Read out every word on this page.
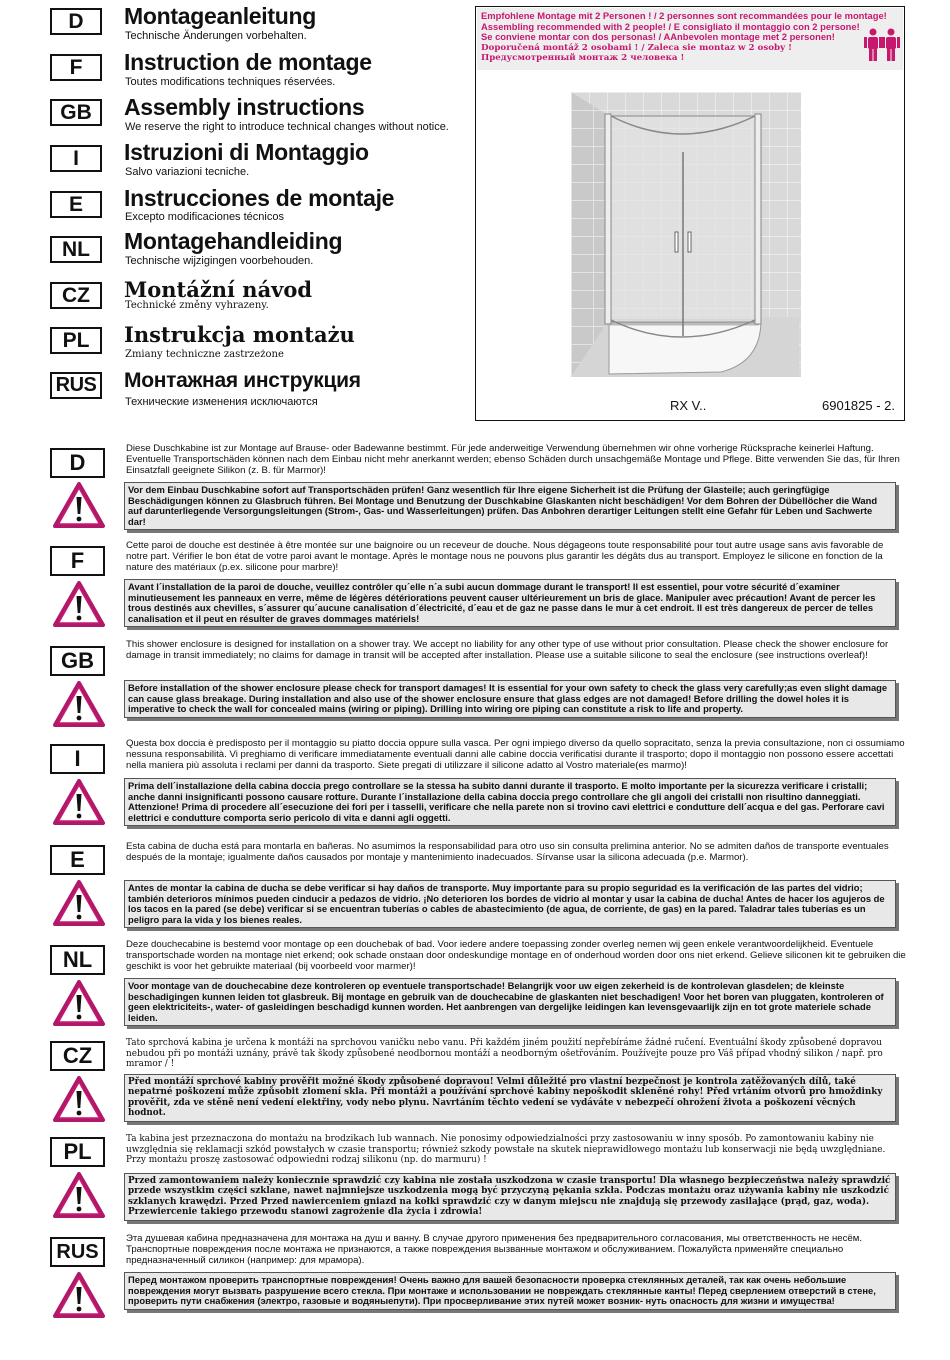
D	Montageanleitung
Technische Änderungen vorbehalten.
F	Instruction de montage
Toutes modifications techniques réservées.
GB	Assembly instructions
We reserve the right to introduce technical changes without notice.
I	Istruzioni di Montaggio
Salvo variazioni tecniche.
E	Instrucciones de montaje
Excepto modificaciones técnicos
NL	Montagehandleiding
Technische wijzigingen voorbehouden.
CZ	Montážní návod
Technické změny vyhrazeny.
PL	Instrukcja montażu
Zmiany techniczne zastrzeżone
RUS Монтажная инструкция
Технические изменения исключаются
Empfohlene Montage mit 2 Personen ! / 2 personnes sont recommandées pour le montage!
Assembling recommended with 2 people! / E consigliato il montaggio con 2 persone!
Se conviene montar con dos personas! / AAnbevolen montage met 2 personen!
Doporučená montáž 2 osobami ! / Zaleca sie montaz w 2 osoby !
Предусмотренный монтаж 2 человека !
RX V..	6901825 - 2.
D
Diese Duschkabine ist zur Montage auf Brause- oder Badewanne bestimmt. Für jede anderweitige Verwendung übernehmen wir ohne vorherige Rücksprache keinerlei Haftung. Eventuelle Transportschäden können nach dem Einbau nicht mehr anerkannt werden; ebenso Schäden durch unsachgemäße Montage und Pflege. Bitte verwenden Sie das, für Ihren Einsatzfall geeignete Silikon (z. B. für Marmor)!
Vor dem Einbau Duschkabine sofort auf Transportschäden prüfen! Ganz wesentlich für Ihre eigene Sicherheit ist die Prüfung der Glasteile; auch geringfügige Beschädigungen können zu Glasbruch führen. Bei Montage und Benutzung der Duschkabine Glaskanten nicht beschädigen! Vor dem Bohren der Dübellöcher die Wand auf darunterliegende Versorgungsleitungen (Strom-, Gas- und Wasserleitungen) prüfen. Das Anbohren derartiger Leitungen stellt eine Gefahr für Leben und Sachwerte dar!
F
Cette paroi de douche est destinée à être montée sur une baignoire ou un receveur de douche. Nous dégageons toute responsabilité pour tout autre usage sans avis favorable de notre part. Vérifier le bon état de votre paroi avant le montage. Après le montage nous ne pouvons plus garantir les dégâts dus au transport. Employez le silicone en fonction de la nature des matériaux (p.ex. silicone pour marbre)!
Avant l´installation de la paroi de douche, veuillez contrôler qu´elle n´a subi aucun dommage durant le transport! Il est essentiel, pour votre sécurité d´examiner minutieusement les panneaux en verre, même de légères détériorations peuvent causer ultérieurement un bris de glace. Manipuler avec précaution! Avant de percer les trous destinés aux chevilles, s´assurer qu´aucune canalisation d´électricité, d´eau et de gaz ne passe dans le mur à cet endroit. Il est très dangereux de percer de telles canalisation et il peut en résulter de graves dommages matériels!
GB
This shower enclosure is designed for installation on a shower tray. We accept no liability for any other type of use without prior consultation. Please check the shower enclosure for damage in transit immediately; no claims for damage in transit will be accepted after installation. Please use a suitable silicone to seal the enclosure (see instructions overleaf)!
Before installation of the shower enclosure please check for transport damages! It is essential for your own safety to check the glass very carefully;as even slight damage can cause glass breakage. During installation and also use of the shower enclosure ensure that glass edges are not damaged! Before drilling the dowel holes it is imperative to check the wall for concealed mains (wiring or piping). Drilling into wiring ore piping can constitute a risk to life and property.
I
Questa box doccia è predisposto per il montaggio su piatto doccia oppure sulla vasca. Per ogni impiego diverso da quello sopracitato, senza la previa consultazione, non ci ossumiamo nessuna responsabilità. Vi preghiamo di verificare immediatamente eventuali danni alle cabine doccia verificatisi durante il trasporto; dopo il montaggio non possono essere accettati nella maniera più assoluta i reclami per danni da trasporto. Siete pregati di utilizzare il silicone adatto al Vostro materiale(es marmo)!
Prima dell´installazione della cabina doccia prego controllare se la stessa ha subito danni durante il trasporto. E molto importante per la sicurezza verificare i cristalli; anche danni insignificanti possono causare rotture. Durante l´installazione della cabina doccia prego controllare che gli angoli dei cristalli non risultino danneggiati. Attenzione! Prima di procedere all´esecuzione dei fori per i tasselli, verificare che nella parete non si trovino cavi elettrici e condutture dell´acqua e del gas. Perforare cavi elettrici e condutture comporta serio pericolo di vita e danni agli oggetti.
E
Esta cabina de ducha está para montarla en bañeras. No asumimos la responsabilidad para otro uso sin consulta prelimina anterior. No se admiten daños de transporte eventuales después de la montaje; igualmente daños causados por montaje y mantenimiento inadecuados. Sírvanse usar la silicona adecuada (p.e. Marmor).
Antes de montar la cabina de ducha se debe verificar si hay daños de transporte. Muy importante para su propio seguridad es la verificación de las partes del vidrio; también deterioros mínimos pueden cinducir a pedazos de vidrio. ¡No deterioren los bordes de vidrio al montar y usar la cabina de ducha! Antes de hacer los agujeros de los tacos en la pared (se debe) verificar si se encuentran tuberías o cables de abastecimiento (de agua, de corriente, de gas) en la pared. Taladrar tales tuberías es un peligro para la vida y los bienes reales.
NL
Deze douchecabine is bestemd voor montage op een douchebak of bad. Voor iedere andere toepassing zonder overleg nemen wij geen enkele verantwoordelijkheid. Eventuele transportschade worden na montage niet erkend; ook schade onstaan door ondeskundige montage en of onderhoud worden door ons niet erkend. Gelieve siliconen kit te gebruiken die geschikt is voor het gebruikte materiaal (bij voorbeeld voor marmer)!
Voor montage van de douchecabine deze kontroleren op eventuele transportschade! Belangrijk voor uw eigen zekerheid is de kontrolevan glasdelen; de kleinste beschadigingen kunnen leiden tot glasbreuk. Bij montage en gebruik van de douchecabine de glaskanten niet beschadigen! Voor het boren van pluggaten, kontroleren of geen elektriciteits-, water- of gasleidingen beschadigd kunnen worden. Het aanbrengen van dergelijke leidingen kan levensgevaarlijk zijn en tot grote materiele schade leiden.
CZ	Tato sprchová kabina je určena k montáži na sprchovou vaničku nebo vanu. Při každém jiném použití nepřebíráme žádné ručení. Eventuální škody způsobené dopravou nebudou při po montáži uznány, právě tak škody způsobené neodbornou montáží a neodborným ošetřováním. Používejte pouze pro Váš případ vhodný silikon / např. pro mramor / !
Před montáží sprchové kabiny prověřit možné škody způsobené dopravou! Velmi důležité pro vlastní bezpečnost je kontrola zatěžovaných dílů, také nepatrné poškození může způsobit zlomení skla. Při montáži a používání sprchové kabiny nepoškodit skleněné rohy! Před vrtáním otvorů pro hmoždinky prověřit, zda ve stěně není vedení elektřiny, vody nebo plynu. Navrtáním těchto vedení se vydáváte v nebezpečí ohrožení života a poškození věcných hodnot.
PL	Ta kabina jest przeznaczona do montażu na brodzikach lub wannach. Nie ponosimy odpowiedzialności przy zastosowaniu w inny sposób. Po zamontowaniu kabiny nie uwzględnia się reklamacji szkód powstałych w czasie transportu; również szkody powstałe na skutek nieprawidłowego montażu lub konserwacji nie będą uwzględniane. Przy montażu proszę zastosować odpowiedni rodzaj silikonu (np. do marmuru) !
Przed zamontowaniem należy koniecznie sprawdzić czy kabina nie została uszkodzona w czasie transportu! Dla własnego bezpieczeństwa należy sprawdzić przede wszystkim części szklane, nawet najmniejsze uszkodzenia mogą być przyczyną pękania szkła. Podczas montażu oraz używania kabiny nie uszkodzić szklanych krawędzi. Przed Przed nawierceniem gniazd na kołki sprawdzić czy w danym miejscu nie znajdują się przewody zasilające (prąd, gaz, woda). Przewiercenie takiego przewodu stanowi zagrożenie dla życia i zdrowia!
RUS
Эта душевая кабина предназначена для монтажа на душ и ванну. В случае другого применения без предварительного согласования, мы ответственность не несём. Транспортные повреждения после монтажа не признаются, а также повреждения вызванные монтажом и обслуживанием. Пожалуйста применяйте специально предназначенный силикон (например: для мрамора).
Перед монтажом проверить транспортные повреждения! Очень важно для вашей безопасности проверка стеклянных деталей, так как очень небольшие повреждения могут вызвать разрушение всего стекла. При монтаже и использовании не повреждать стеклянные канты! Перед сверлением отверстий в стене, проверить пути снабжения (электро, газовые и водяныепути). При просверливание этих путей может возник- нуть опасность для жизни и имущества!
